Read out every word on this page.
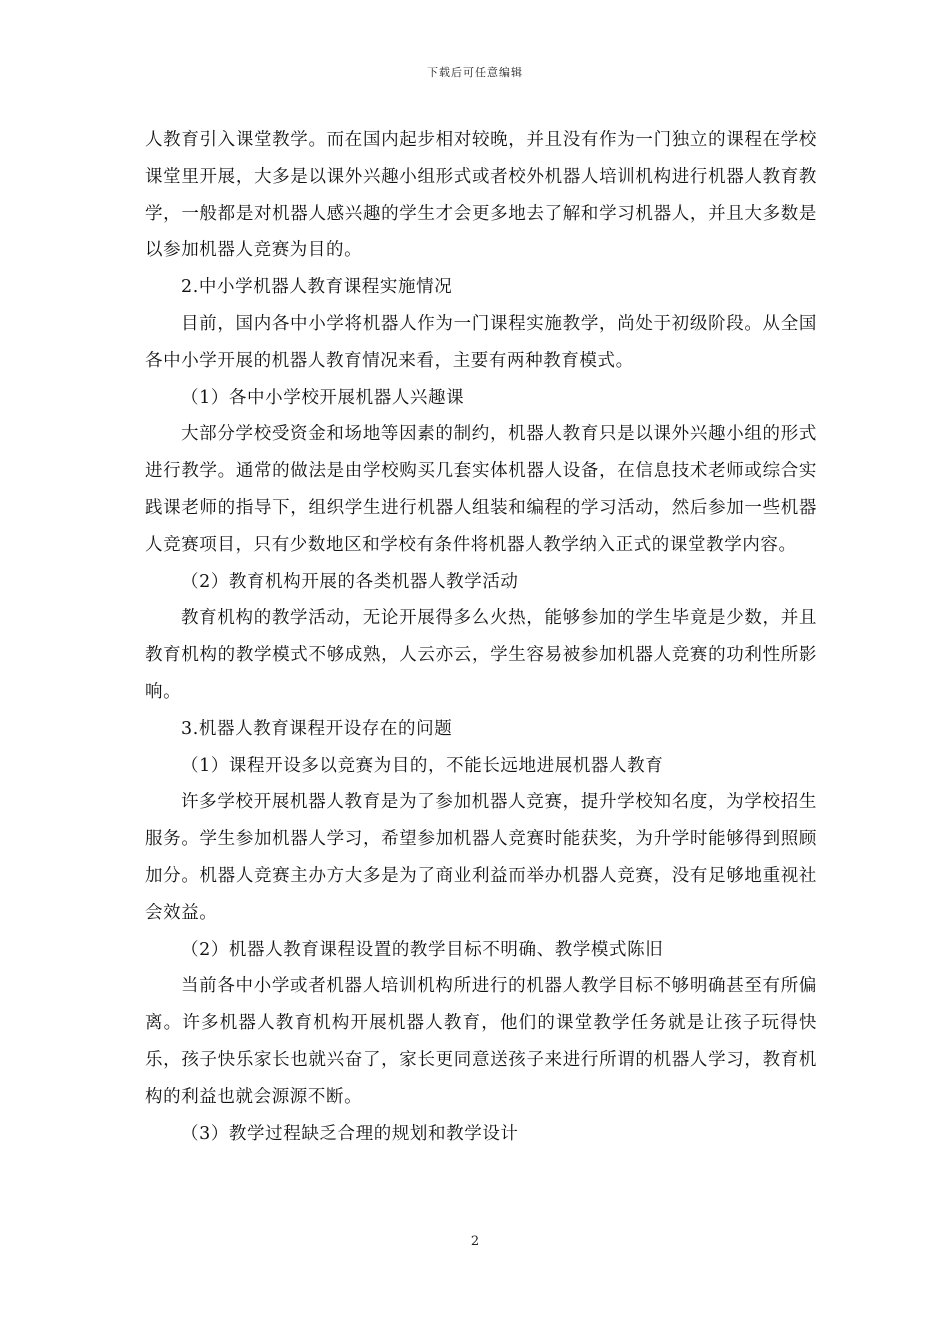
下载后可任意编辑

人教育引入课堂教学。而在国内起步相对较晚，并且没有作为一门独立的课程在学校课堂里开展，大多是以课外兴趣小组形式或者校外机器人培训机构进行机器人教育教学，一般都是对机器人感兴趣的学生才会更多地去了解和学习机器人，并且大多数是以参加机器人竞赛为目的。

2.中小学机器人教育课程实施情况

目前，国内各中小学将机器人作为一门课程实施教学，尚处于初级阶段。从全国各中小学开展的机器人教育情况来看，主要有两种教育模式。

（1）各中小学校开展机器人兴趣课

大部分学校受资金和场地等因素的制约，机器人教育只是以课外兴趣小组的形式进行教学。通常的做法是由学校购买几套实体机器人设备，在信息技术老师或综合实践课老师的指导下，组织学生进行机器人组装和编程的学习活动，然后参加一些机器人竞赛项目，只有少数地区和学校有条件将机器人教学纳入正式的课堂教学内容。

（2）教育机构开展的各类机器人教学活动

教育机构的教学活动，无论开展得多么火热，能够参加的学生毕竟是少数，并且教育机构的教学模式不够成熟，人云亦云，学生容易被参加机器人竞赛的功利性所影响。

3.机器人教育课程开设存在的问题

（1）课程开设多以竞赛为目的，不能长远地进展机器人教育

许多学校开展机器人教育是为了参加机器人竞赛，提升学校知名度，为学校招生服务。学生参加机器人学习，希望参加机器人竞赛时能获奖，为升学时能够得到照顾加分。机器人竞赛主办方大多是为了商业利益而举办机器人竞赛，没有足够地重视社会效益。

（2）机器人教育课程设置的教学目标不明确、教学模式陈旧

当前各中小学或者机器人培训机构所进行的机器人教学目标不够明确甚至有所偏离。许多机器人教育机构开展机器人教育，他们的课堂教学任务就是让孩子玩得快乐，孩子快乐家长也就兴奋了，家长更同意送孩子来进行所谓的机器人学习，教育机构的利益也就会源源不断。

（3）教学过程缺乏合理的规划和教学设计

2
